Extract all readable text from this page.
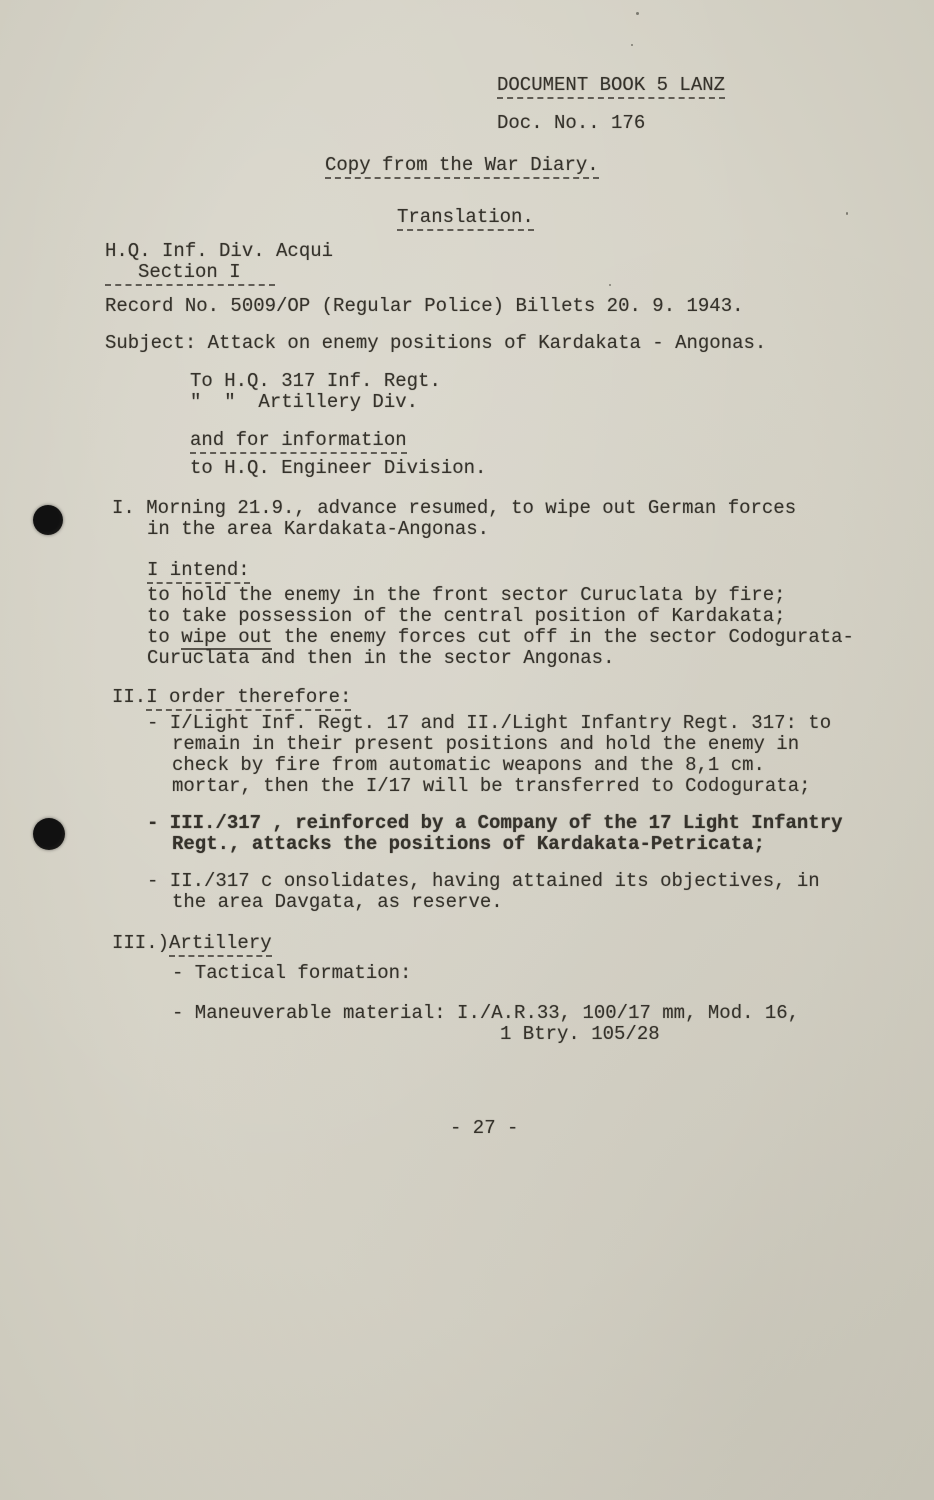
DOCUMENT BOOK 5 LANZ
Doc. No.. 176
Copy from the War Diary.
Translation.
H.Q. Inf. Div. Acqui
Section I
Record No. 5009/OP (Regular Police) Billets 20. 9. 1943.
Subject: Attack on enemy positions of Kardakata - Angonas.
To H.Q. 317 Inf. Regt.
"  "  Artillery Div.
and for information
to H.Q. Engineer Division.
I. Morning 21.9., advance resumed, to wipe out German forces
in the area Kardakata-Angonas.
I intend:
to hold the enemy in the front sector Curuclata by fire;
to take possession of the central position of Kardakata;
to wipe out the enemy forces cut off in the sector Codogurata-
Curuclata and then in the sector Angonas.
II.I order therefore:
- I/Light Inf. Regt. 17 and II./Light Infantry Regt. 317: to
remain in their present positions and hold the enemy in
check by fire from automatic weapons and the 8,1 cm.
mortar, then the I/17 will be transferred to Codogurata;
- III./317 , reinforced by a Company of the 17 Light Infantry
Regt., attacks the positions of Kardakata-Petricata;
- II./317 c onsolidates, having attained its objectives, in
the area Davgata, as reserve.
III.)Artillery
- Tactical formation:
- Maneuverable material: I./A.R.33, 100/17 mm, Mod. 16,
1 Btry. 105/28
- 27 -
